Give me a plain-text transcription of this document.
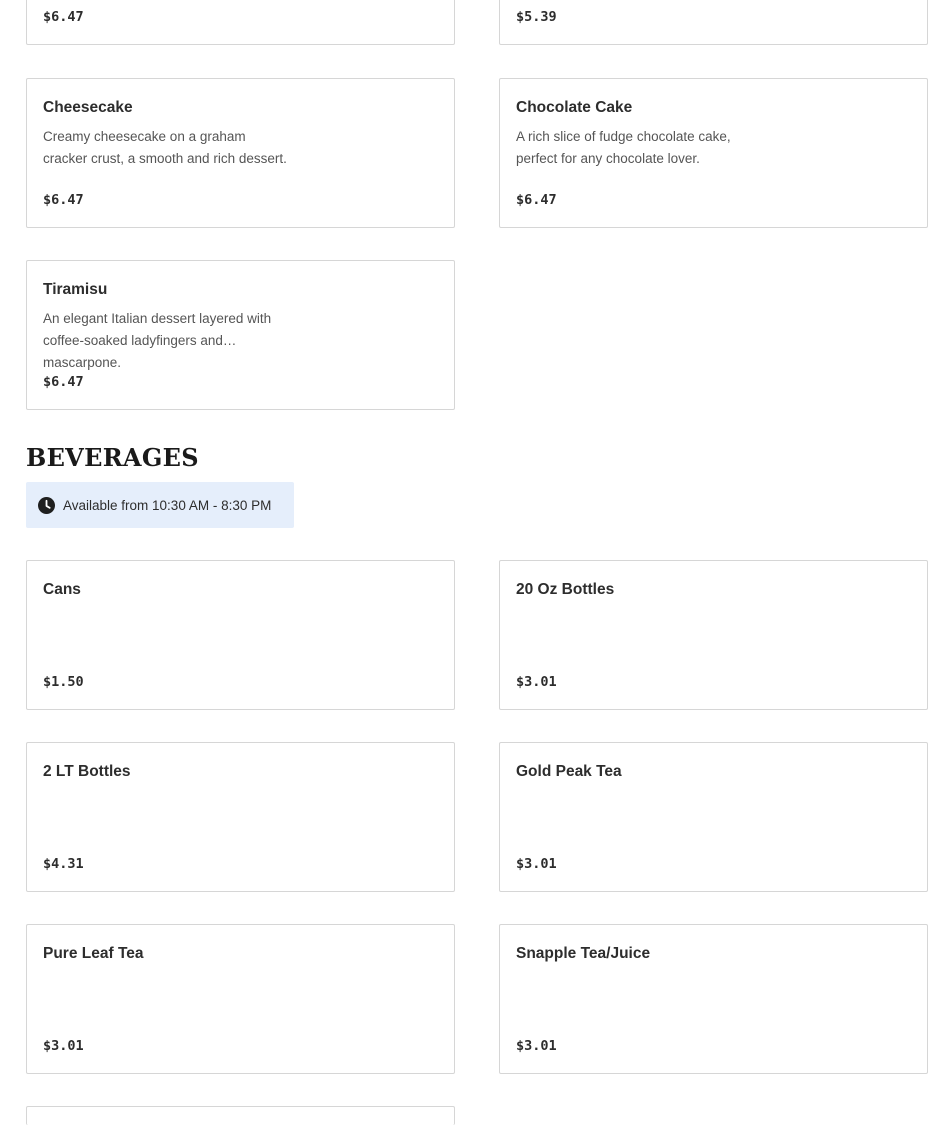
$6.47	$5.39
Cheesecake
Creamy cheesecake on a graham cracker crust, a smooth and rich dessert.
$6.47
Chocolate Cake
A rich slice of fudge chocolate cake, perfect for any chocolate lover.
$6.47
Tiramisu
An elegant Italian dessert layered with coffee-soaked ladyfingers and mascarpone.
$6.47
BEVERAGES
Available from 10:30 AM - 8:30 PM
Cans
$1.50
20 Oz Bottles
$3.01
2 LT Bottles
$4.31
Gold Peak Tea
$3.01
Pure Leaf Tea
$3.01
Snapple Tea/Juice
$3.01
